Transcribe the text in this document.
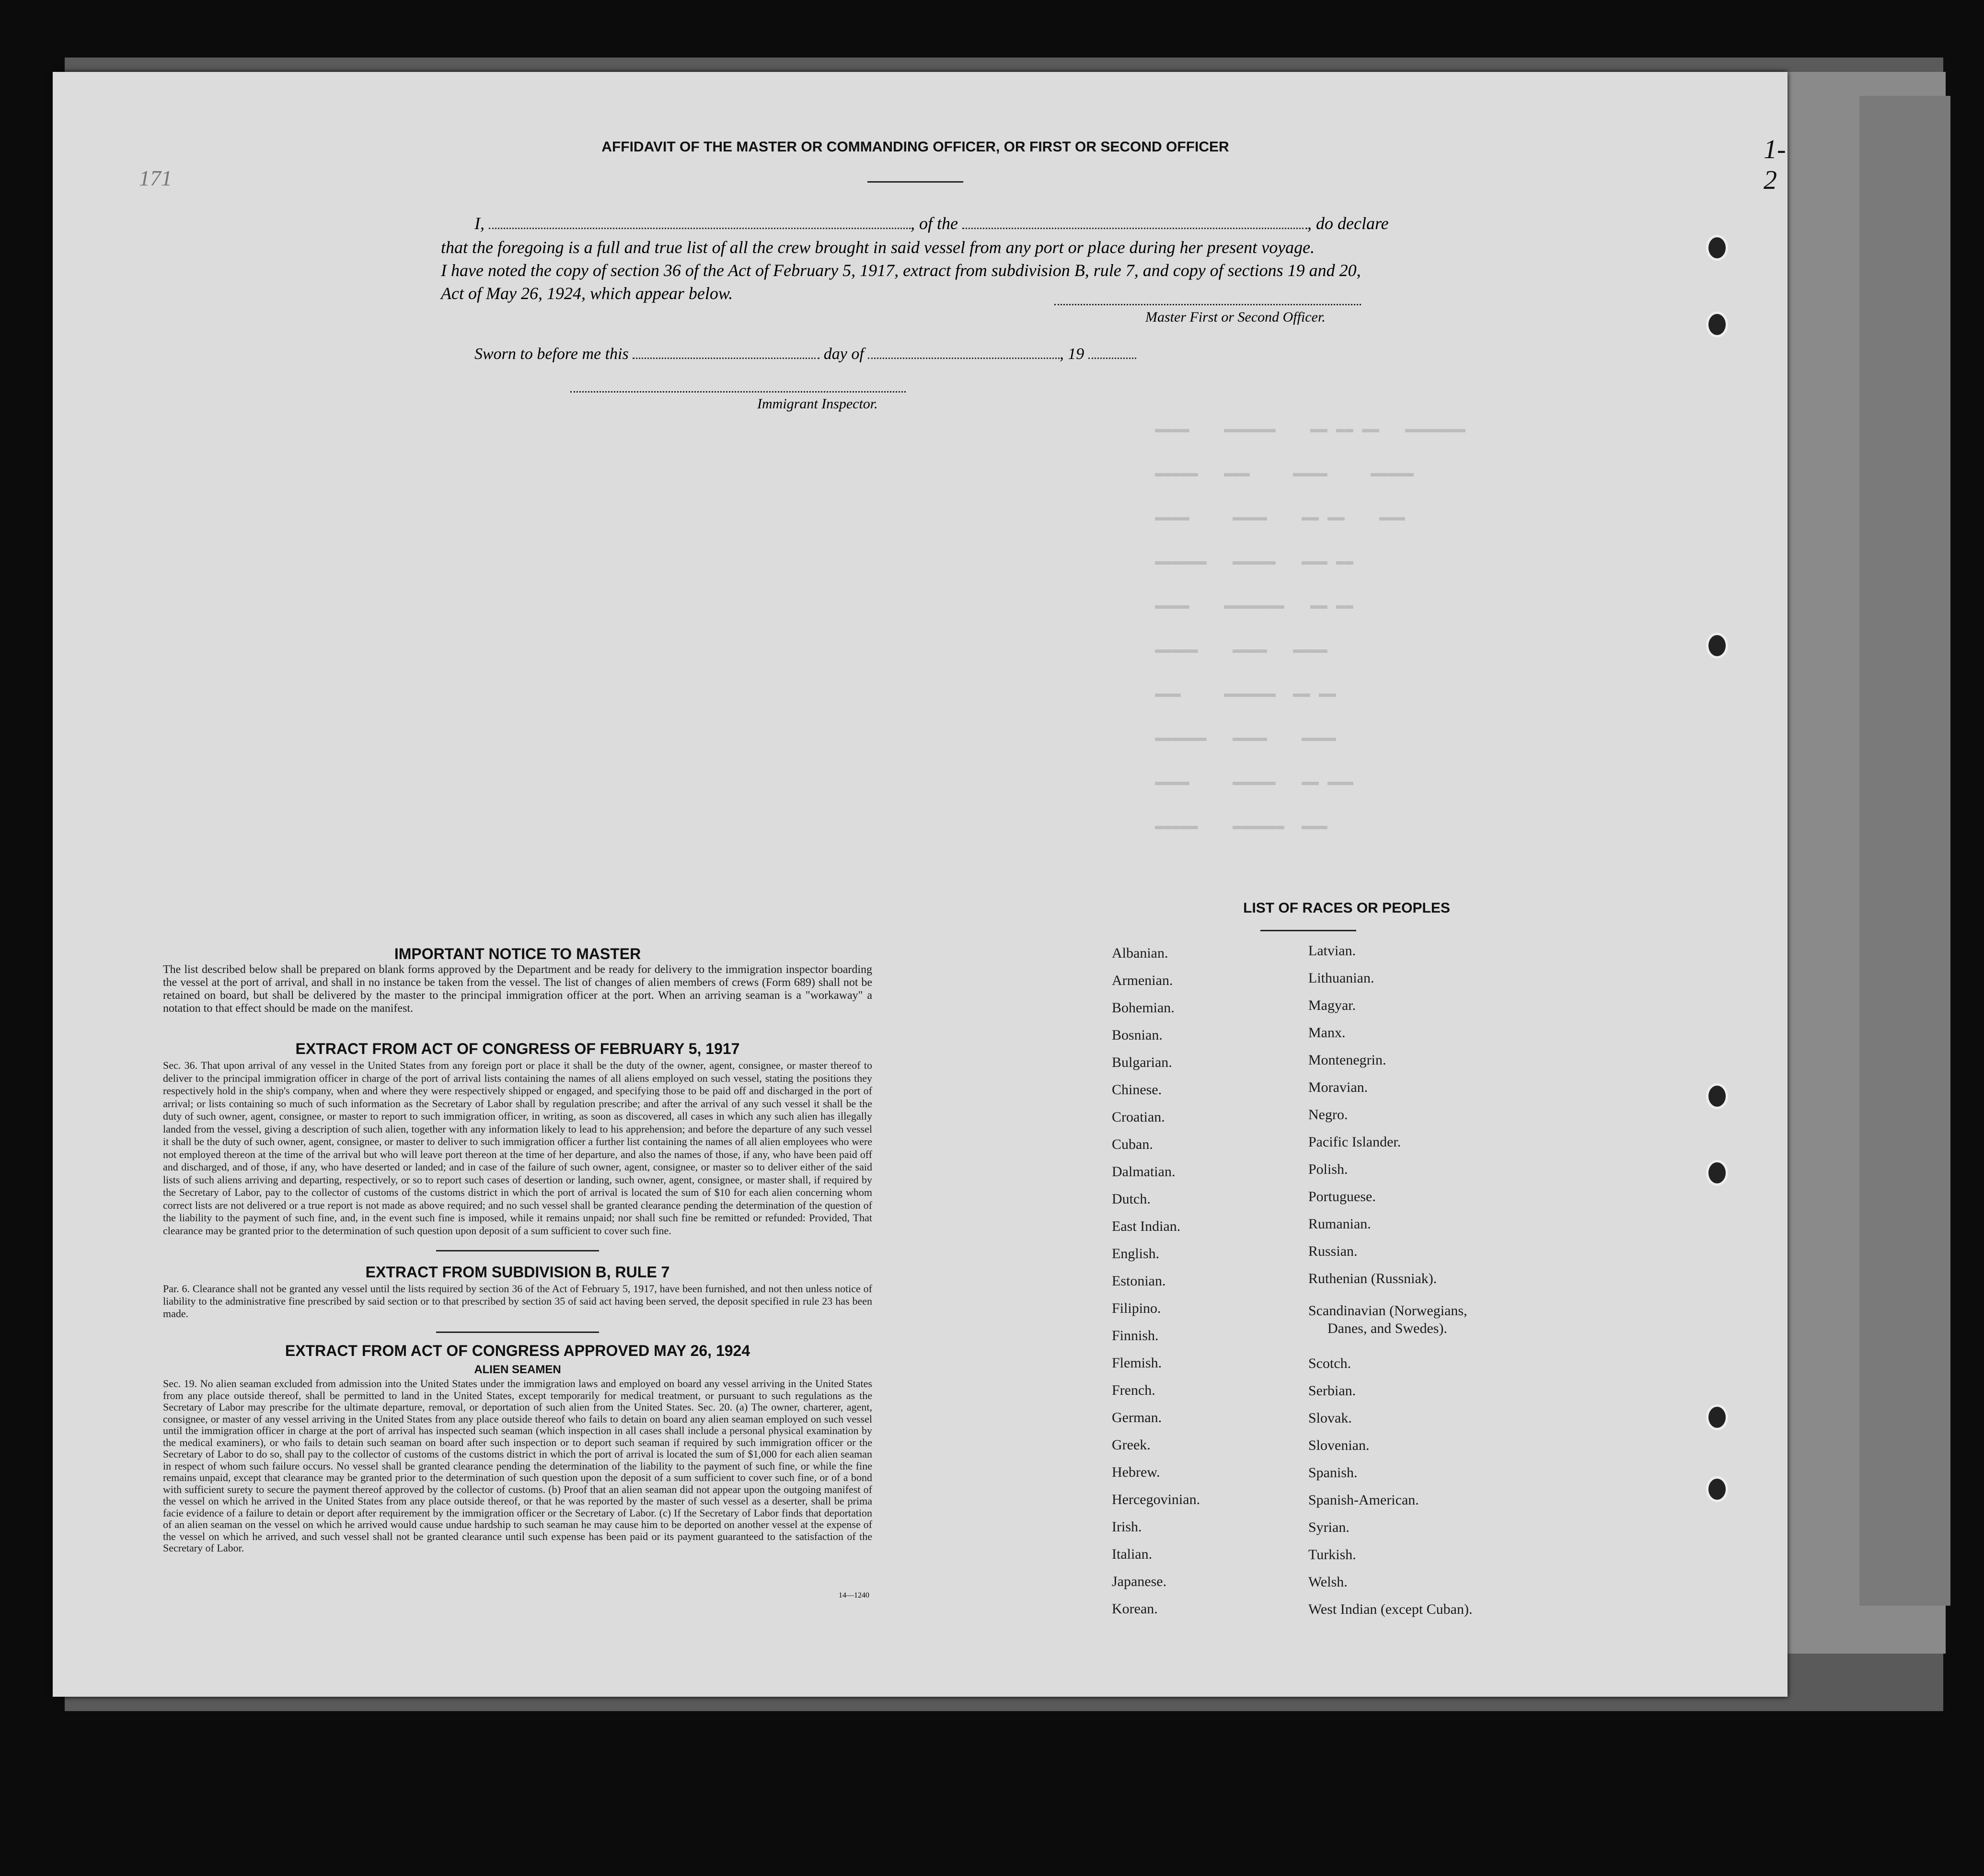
▬▬▬▬    ▬▬▬▬▬▬    ▬▬ ▬▬ ▬▬   ▬▬▬▬▬▬▬
▬▬▬▬▬   ▬▬▬     ▬▬▬▬     ▬▬▬▬▬
▬▬▬▬     ▬▬▬▬    ▬▬ ▬▬    ▬▬▬
▬▬▬▬▬▬   ▬▬▬▬▬   ▬▬▬ ▬▬
▬▬▬▬    ▬▬▬▬▬▬▬   ▬▬ ▬▬
▬▬▬▬▬    ▬▬▬▬   ▬▬▬▬
▬▬▬     ▬▬▬▬▬▬  ▬▬ ▬▬
▬▬▬▬▬▬   ▬▬▬▬    ▬▬▬▬
▬▬▬▬     ▬▬▬▬▬   ▬▬ ▬▬▬
▬▬▬▬▬    ▬▬▬▬▬▬  ▬▬▬
171
1-2
AFFIDAVIT OF THE MASTER OR COMMANDING OFFICER, OR FIRST OR SECOND OFFICER
I,	, of the	, do declare
that the foregoing is a full and true list of all the crew brought in said vessel from any port or place during her present voyage.
I have noted the copy of section 36 of the Act of February 5, 1917, extract from subdivision B, rule 7, and copy of sections 19 and 20,
Act of May 26, 1924, which appear below.
Master First or Second Officer.
Sworn to before me this	day of	, 19
Immigrant Inspector.
IMPORTANT NOTICE TO MASTER
The list described below shall be prepared on blank forms approved by the Department and be ready for delivery to the immigration inspector boarding the vessel at the port of arrival, and shall in no instance be taken from the vessel. The list of changes of alien members of crews (Form 689) shall not be retained on board, but shall be delivered by the master to the principal immigration officer at the port. When an arriving seaman is a "workaway" a notation to that effect should be made on the manifest.
EXTRACT FROM ACT OF CONGRESS OF FEBRUARY 5, 1917
Sec. 36. That upon arrival of any vessel in the United States from any foreign port or place it shall be the duty of the owner, agent, consignee, or master thereof to deliver to the principal immigration officer in charge of the port of arrival lists containing the names of all aliens employed on such vessel, stating the positions they respectively hold in the ship's company, when and where they were respectively shipped or engaged, and specifying those to be paid off and discharged in the port of arrival; or lists containing so much of such information as the Secretary of Labor shall by regulation prescribe; and after the arrival of any such vessel it shall be the duty of such owner, agent, consignee, or master to report to such immigration officer, in writing, as soon as discovered, all cases in which any such alien has illegally landed from the vessel, giving a description of such alien, together with any information likely to lead to his apprehension; and before the departure of any such vessel it shall be the duty of such owner, agent, consignee, or master to deliver to such immigration officer a further list containing the names of all alien employees who were not employed thereon at the time of the arrival but who will leave port thereon at the time of her departure, and also the names of those, if any, who have been paid off and discharged, and of those, if any, who have deserted or landed; and in case of the failure of such owner, agent, consignee, or master so to deliver either of the said lists of such aliens arriving and departing, respectively, or so to report such cases of desertion or landing, such owner, agent, consignee, or master shall, if required by the Secretary of Labor, pay to the collector of customs of the customs district in which the port of arrival is located the sum of $10 for each alien concerning whom correct lists are not delivered or a true report is not made as above required; and no such vessel shall be granted clearance pending the determination of the question of the liability to the payment of such fine, and, in the event such fine is imposed, while it remains unpaid; nor shall such fine be remitted or refunded: Provided, That clearance may be granted prior to the determination of such question upon deposit of a sum sufficient to cover such fine.
EXTRACT FROM SUBDIVISION B, RULE 7
Par. 6. Clearance shall not be granted any vessel until the lists required by section 36 of the Act of February 5, 1917, have been furnished, and not then unless notice of liability to the administrative fine prescribed by said section or to that prescribed by section 35 of said act having been served, the deposit specified in rule 23 has been made.
EXTRACT FROM ACT OF CONGRESS APPROVED MAY 26, 1924
ALIEN SEAMEN
Sec. 19. No alien seaman excluded from admission into the United States under the immigration laws and employed on board any vessel arriving in the United States from any place outside thereof, shall be permitted to land in the United States, except temporarily for medical treatment, or pursuant to such regulations as the Secretary of Labor may prescribe for the ultimate departure, removal, or deportation of such alien from the United States. Sec. 20. (a) The owner, charterer, agent, consignee, or master of any vessel arriving in the United States from any place outside thereof who fails to detain on board any alien seaman employed on such vessel until the immigration officer in charge at the port of arrival has inspected such seaman (which inspection in all cases shall include a personal physical examination by the medical examiners), or who fails to detain such seaman on board after such inspection or to deport such seaman if required by such immigration officer or the Secretary of Labor to do so, shall pay to the collector of customs of the customs district in which the port of arrival is located the sum of $1,000 for each alien seaman in respect of whom such failure occurs. No vessel shall be granted clearance pending the determination of the liability to the payment of such fine, or while the fine remains unpaid, except that clearance may be granted prior to the determination of such question upon the deposit of a sum sufficient to cover such fine, or of a bond with sufficient surety to secure the payment thereof approved by the collector of customs. (b) Proof that an alien seaman did not appear upon the outgoing manifest of the vessel on which he arrived in the United States from any place outside thereof, or that he was reported by the master of such vessel as a deserter, shall be prima facie evidence of a failure to detain or deport after requirement by the immigration officer or the Secretary of Labor. (c) If the Secretary of Labor finds that deportation of an alien seaman on the vessel on which he arrived would cause undue hardship to such seaman he may cause him to be deported on another vessel at the expense of the vessel on which he arrived, and such vessel shall not be granted clearance until such expense has been paid or its payment guaranteed to the satisfaction of the Secretary of Labor.
14—1240
LIST OF RACES OR PEOPLES
Albanian.
Armenian.
Bohemian.
Bosnian.
Bulgarian.
Chinese.
Croatian.
Cuban.
Dalmatian.
Dutch.
East Indian.
English.
Estonian.
Filipino.
Finnish.
Flemish.
French.
German.
Greek.
Hebrew.
Hercegovinian.
Irish.
Italian.
Japanese.
Korean.
Latvian.
Lithuanian.
Magyar.
Manx.
Montenegrin.
Moravian.
Negro.
Pacific Islander.
Polish.
Portuguese.
Rumanian.
Russian.
Ruthenian (Russniak).
Scandinavian (Norwegians,
Danes, and Swedes).
Scotch.
Serbian.
Slovak.
Slovenian.
Spanish.
Spanish-American.
Syrian.
Turkish.
Welsh.
West Indian (except Cuban).
